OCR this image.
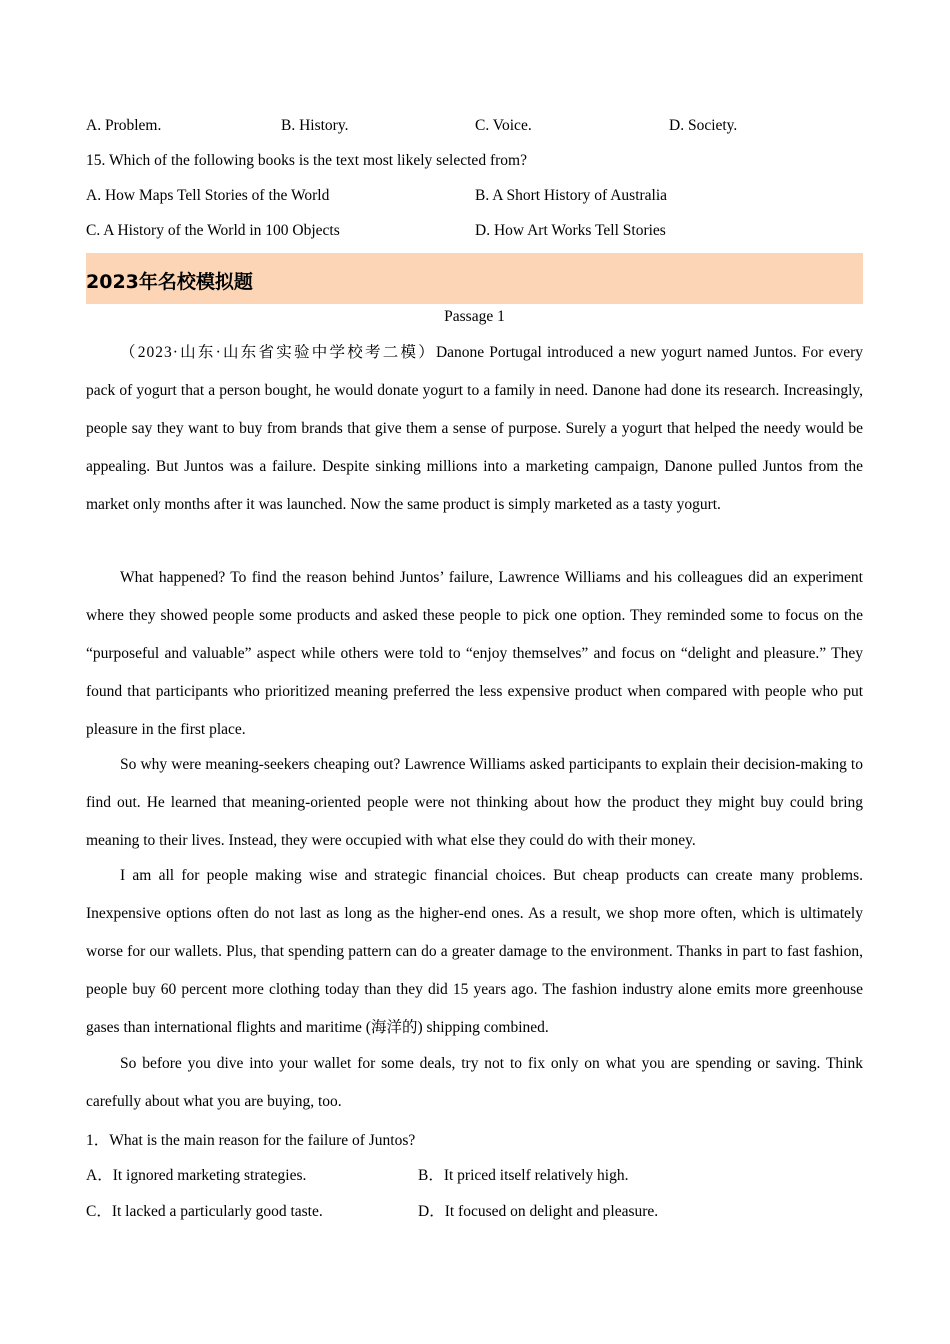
A. Problem.	B. History.	C. Voice.	D. Society.
15. Which of the following books is the text most likely selected from?
A. How Maps Tell Stories of the World	B. A Short History of Australia
C. A History of the World in 100 Objects	D. How Art Works Tell Stories
2023年名校模拟题
Passage 1
（2023·山东·山东省实验中学校考二模）Danone Portugal introduced a new yogurt named Juntos. For every pack of yogurt that a person bought, he would donate yogurt to a family in need. Danone had done its research. Increasingly, people say they want to buy from brands that give them a sense of purpose. Surely a yogurt that helped the needy would be appealing. But Juntos was a failure. Despite sinking millions into a marketing campaign, Danone pulled Juntos from the market only months after it was launched. Now the same product is simply marketed as a tasty yogurt.
What happened? To find the reason behind Juntos’ failure, Lawrence Williams and his colleagues did an experiment where they showed people some products and asked these people to pick one option. They reminded some to focus on the “purposeful and valuable” aspect while others were told to “enjoy themselves” and focus on “delight and pleasure.” They found that participants who prioritized meaning preferred the less expensive product when compared with people who put pleasure in the first place.
So why were meaning-seekers cheaping out? Lawrence Williams asked participants to explain their decision-making to find out. He learned that meaning-oriented people were not thinking about how the product they might buy could bring meaning to their lives. Instead, they were occupied with what else they could do with their money.
I am all for people making wise and strategic financial choices. But cheap products can create many problems. Inexpensive options often do not last as long as the higher-end ones. As a result, we shop more often, which is ultimately worse for our wallets. Plus, that spending pattern can do a greater damage to the environment. Thanks in part to fast fashion, people buy 60 percent more clothing today than they did 15 years ago. The fashion industry alone emits more greenhouse gases than international flights and maritime (海洋的) shipping combined.
So before you dive into your wallet for some deals, try not to fix only on what you are spending or saving. Think carefully about what you are buying, too.
1．What is the main reason for the failure of Juntos?
A．It ignored marketing strategies.	B．It priced itself relatively high.
C．It lacked a particularly good taste.	D．It focused on delight and pleasure.
